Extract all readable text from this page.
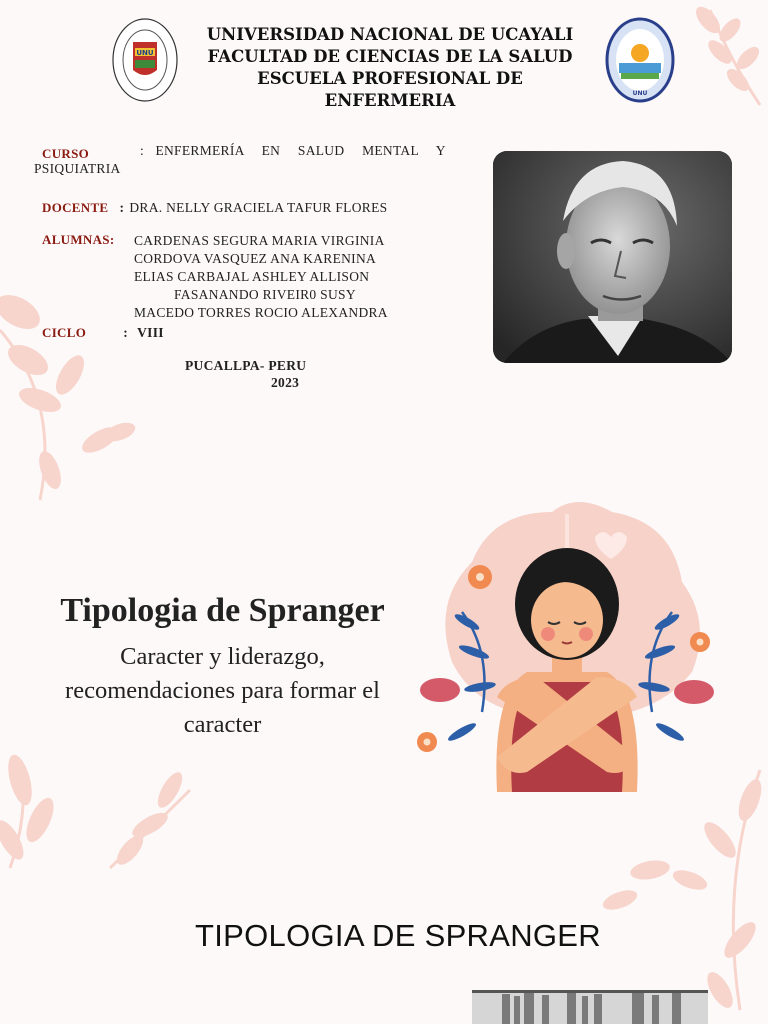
UNU
UNU
UNIVERSIDAD NACIONAL DE UCAYALI
FACULTAD DE CIENCIAS DE LA SALUD
ESCUELA PROFESIONAL DE
ENFERMERIA
CURSO	: ENFERMERÍA EN SALUD MENTAL Y
PSIQUIATRIA
DOCENTE : DRA. NELLY GRACIELA TAFUR FLORES
ALUMNAS: CARDENAS SEGURA MARIA VIRGINIA
CORDOVA VASQUEZ ANA KARENINA
ELIAS CARBAJAL ASHLEY ALLISON
FASANANDO RIVEIR0 SUSY
MACEDO TORRES ROCIO ALEXANDRA
CICLO	: VIII
PUCALLPA- PERU
2023
Tipologia de Spranger
Caracter y liderazgo,
recomendaciones para formar el
caracter
TIPOLOGIA DE SPRANGER
